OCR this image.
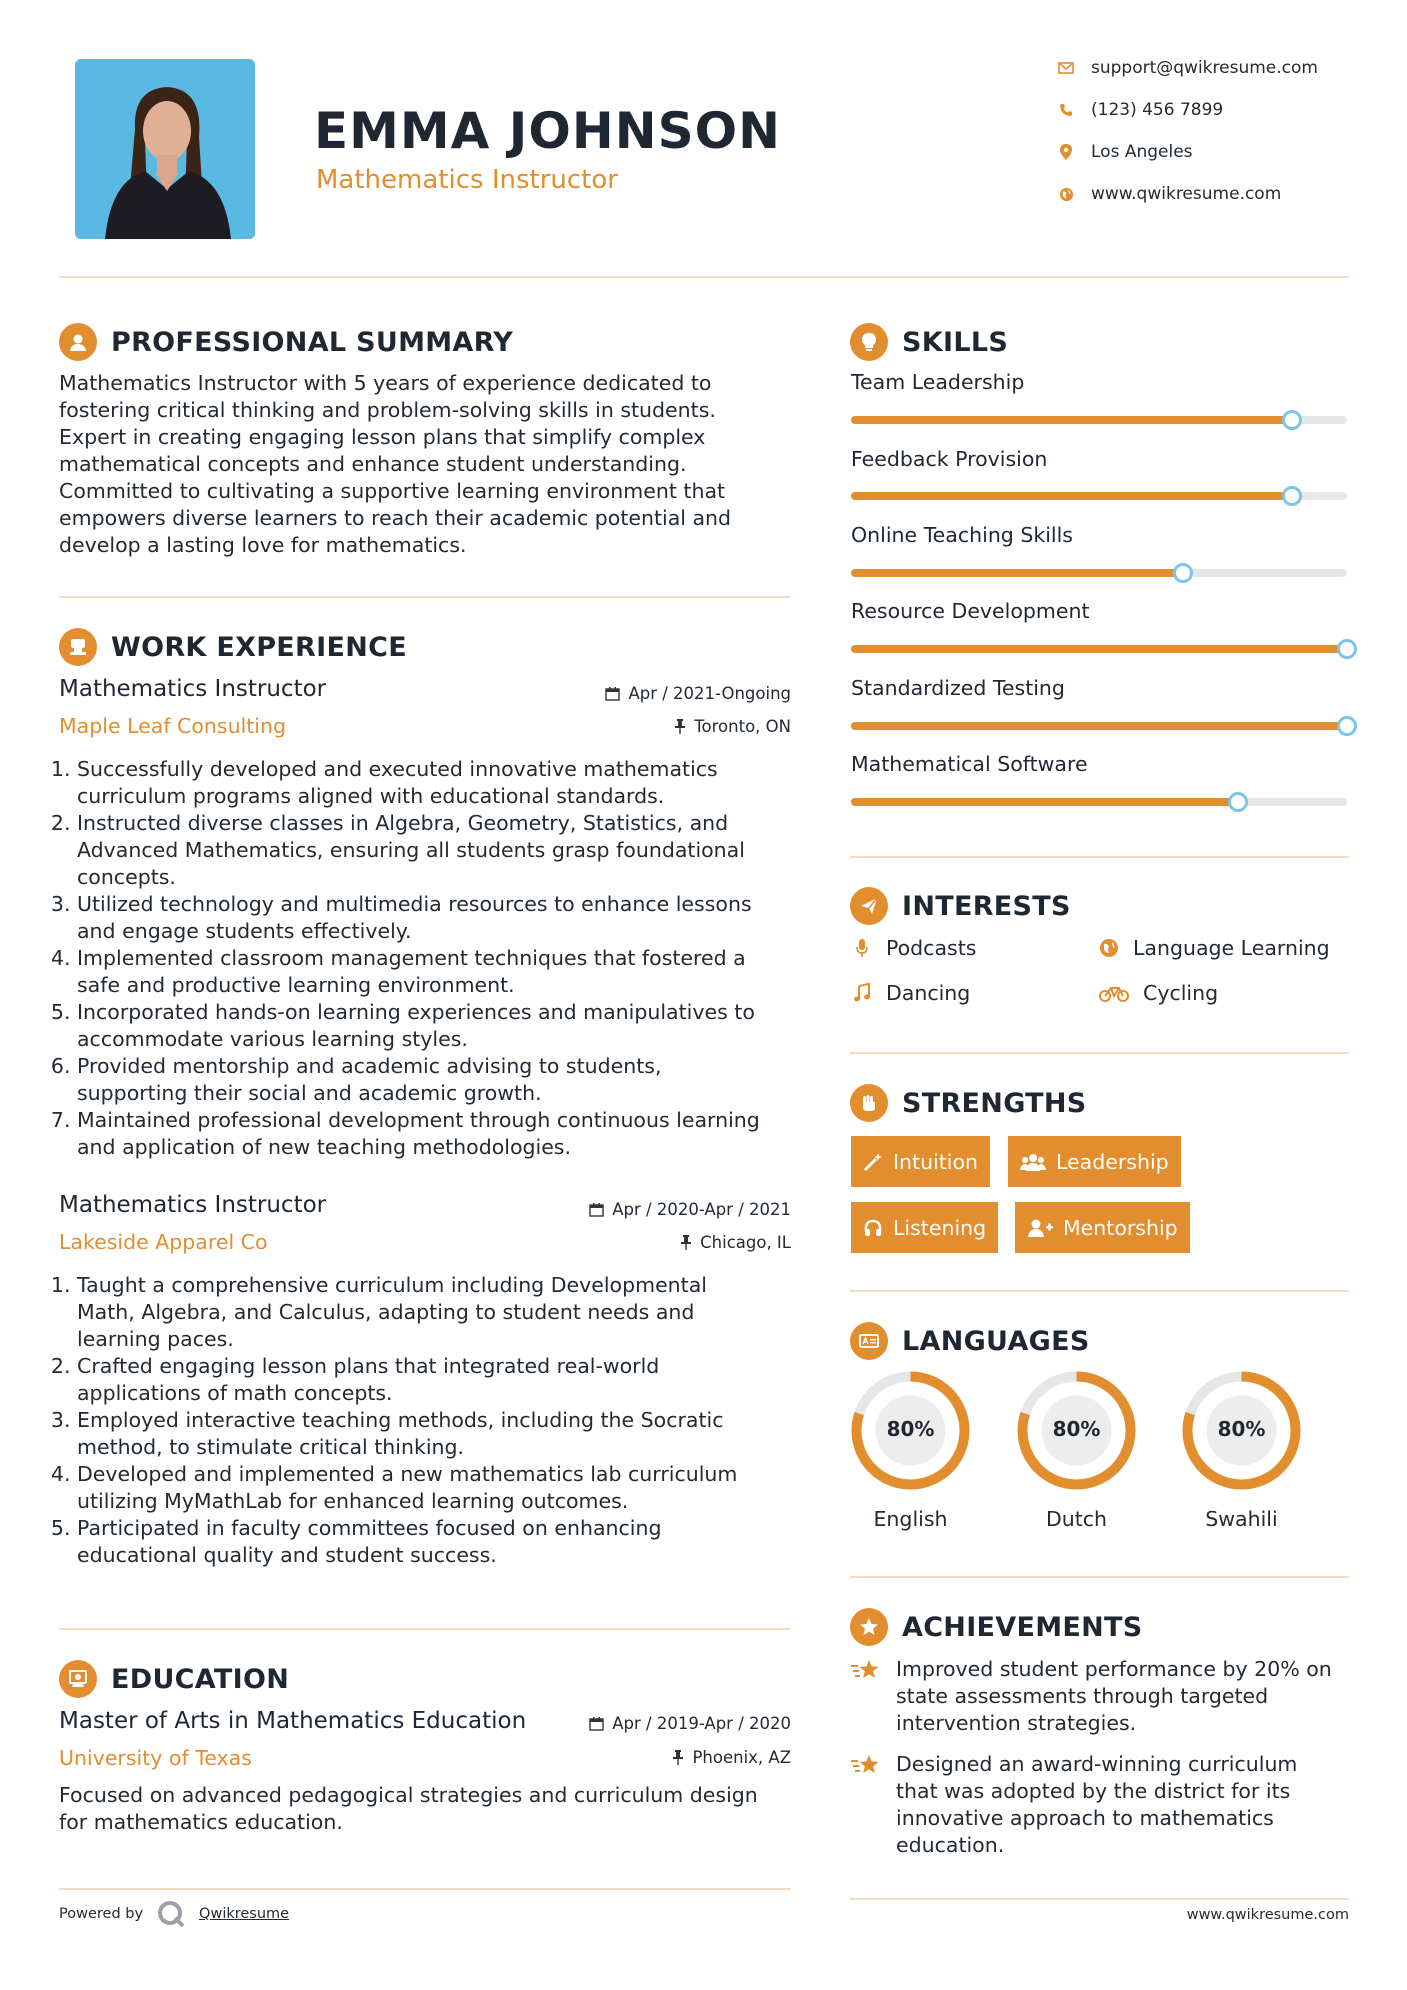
EMMA JOHNSON
Mathematics Instructor
support@qwikresume.com
(123) 456 7899
Los Angeles
www.qwikresume.com
PROFESSIONAL SUMMARY
Mathematics Instructor with 5 years of experience dedicated to
fostering critical thinking and problem-solving skills in students.
Expert in creating engaging lesson plans that simplify complex
mathematical concepts and enhance student understanding.
Committed to cultivating a supportive learning environment that
empowers diverse learners to reach their academic potential and
develop a lasting love for mathematics.
WORK EXPERIENCE
Mathematics Instructor	Apr / 2021-Ongoing
Maple Leaf Consulting	Toronto, ON
1. Successfully developed and executed innovative mathematics
curriculum programs aligned with educational standards.
2. Instructed diverse classes in Algebra, Geometry, Statistics, and
Advanced Mathematics, ensuring all students grasp foundational
concepts.
3. Utilized technology and multimedia resources to enhance lessons
and engage students effectively.
4. Implemented classroom management techniques that fostered a
safe and productive learning environment.
5. Incorporated hands-on learning experiences and manipulatives to
accommodate various learning styles.
6. Provided mentorship and academic advising to students,
supporting their social and academic growth.
7. Maintained professional development through continuous learning
and application of new teaching methodologies.
Mathematics Instructor	Apr / 2020-Apr / 2021
Lakeside Apparel Co	Chicago, IL
1. Taught a comprehensive curriculum including Developmental
Math, Algebra, and Calculus, adapting to student needs and
learning paces.
2. Crafted engaging lesson plans that integrated real-world
applications of math concepts.
3. Employed interactive teaching methods, including the Socratic
method, to stimulate critical thinking.
4. Developed and implemented a new mathematics lab curriculum
utilizing MyMathLab for enhanced learning outcomes.
5. Participated in faculty committees focused on enhancing
educational quality and student success.
EDUCATION
Master of Arts in Mathematics Education	Apr / 2019-Apr / 2020
University of Texas	Phoenix, AZ
Focused on advanced pedagogical strategies and curriculum design
for mathematics education.
Powered by	Qwikresume
SKILLS
Team Leadership
Feedback Provision
Online Teaching Skills
Resource Development
Standardized Testing
Mathematical Software
INTERESTS
Podcasts	Language Learning
Dancing	Cycling
STRENGTHS
Intuition	Leadership
Listening	Mentorship
LANGUAGES
80%
English
80%
Dutch
80%
Swahili
ACHIEVEMENTS
Improved student performance by 20% on
state assessments through targeted
intervention strategies.
Designed an award-winning curriculum
that was adopted by the district for its
innovative approach to mathematics
education.
www.qwikresume.com
